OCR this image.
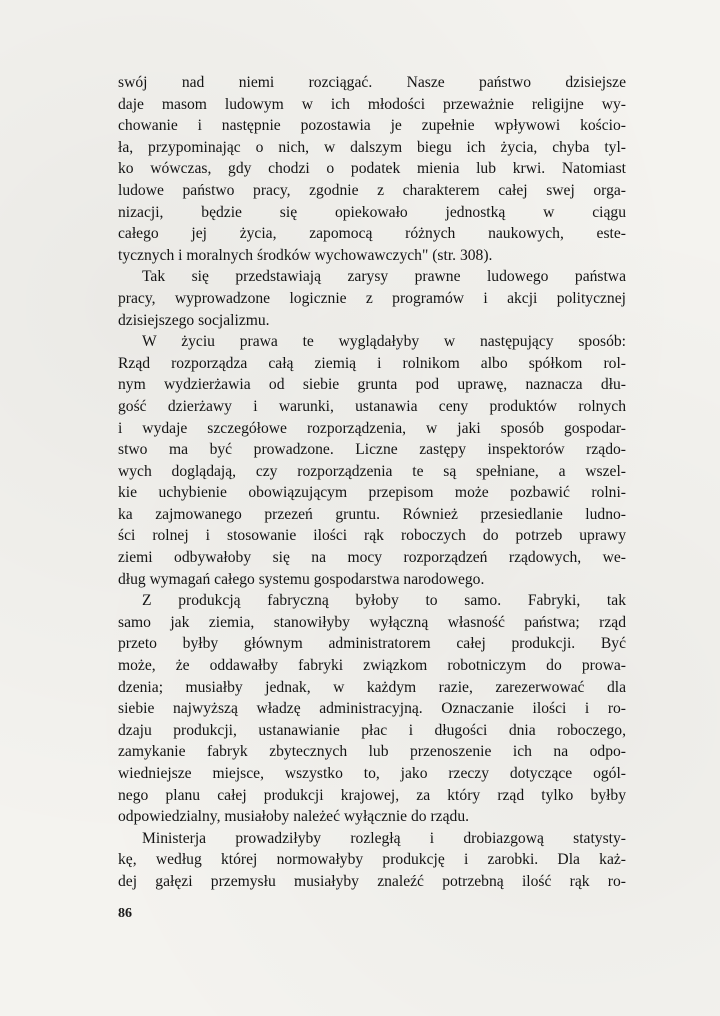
swój nad niemi rozciągać. Nasze państwo dzisiejsze
daje masom ludowym w ich młodości przeważnie religijne wy-
chowanie i następnie pozostawia je zupełnie wpływowi kościo-
ła, przypominając o nich, w dalszym biegu ich życia, chyba tyl-
ko wówczas, gdy chodzi o podatek mienia lub krwi. Natomiast
ludowe państwo pracy, zgodnie z charakterem całej swej orga-
nizacji, będzie się opiekowało jednostką w ciągu
całego jej życia, zapomocą różnych naukowych, este-
tycznych i moralnych środków wychowawczych" (str. 308).
Tak się przedstawiają zarysy prawne ludowego państwa
pracy, wyprowadzone logicznie z programów i akcji politycznej
dzisiejszego socjalizmu.
W życiu prawa te wyglądałyby w następujący sposób:
Rząd rozporządza całą ziemią i rolnikom albo spółkom rol-
nym wydzierżawia od siebie grunta pod uprawę, naznacza dłu-
gość dzierżawy i warunki, ustanawia ceny produktów rolnych
i wydaje szczegółowe rozporządzenia, w jaki sposób gospodar-
stwo ma być prowadzone. Liczne zastępy inspektorów rządo-
wych doglądają, czy rozporządzenia te są spełniane, a wszel-
kie uchybienie obowiązującym przepisom może pozbawić rolni-
ka zajmowanego przezeń gruntu. Również przesiedlanie ludno-
ści rolnej i stosowanie ilości rąk roboczych do potrzeb uprawy
ziemi odbywałoby się na mocy rozporządzeń rządowych, we-
dług wymagań całego systemu gospodarstwa narodowego.
Z produkcją fabryczną byłoby to samo. Fabryki, tak
samo jak ziemia, stanowiłyby wyłączną własność państwa; rząd
przeto byłby głównym administratorem całej produkcji. Być
może, że oddawałby fabryki związkom robotniczym do prowa-
dzenia; musiałby jednak, w każdym razie, zarezerwować dla
siebie najwyższą władzę administracyjną. Oznaczanie ilości i ro-
dzaju produkcji, ustanawianie płac i długości dnia roboczego,
zamykanie fabryk zbytecznych lub przenoszenie ich na odpo-
wiedniejsze miejsce, wszystko to, jako rzeczy dotyczące ogól-
nego planu całej produkcji krajowej, za który rząd tylko byłby
odpowiedzialny, musiałoby należeć wyłącznie do rządu.
Ministerja prowadziłyby rozległą i drobiazgową statysty-
kę, według której normowałyby produkcję i zarobki. Dla każ-
dej gałęzi przemysłu musiałyby znaleźć potrzebną ilość rąk ro-
86
